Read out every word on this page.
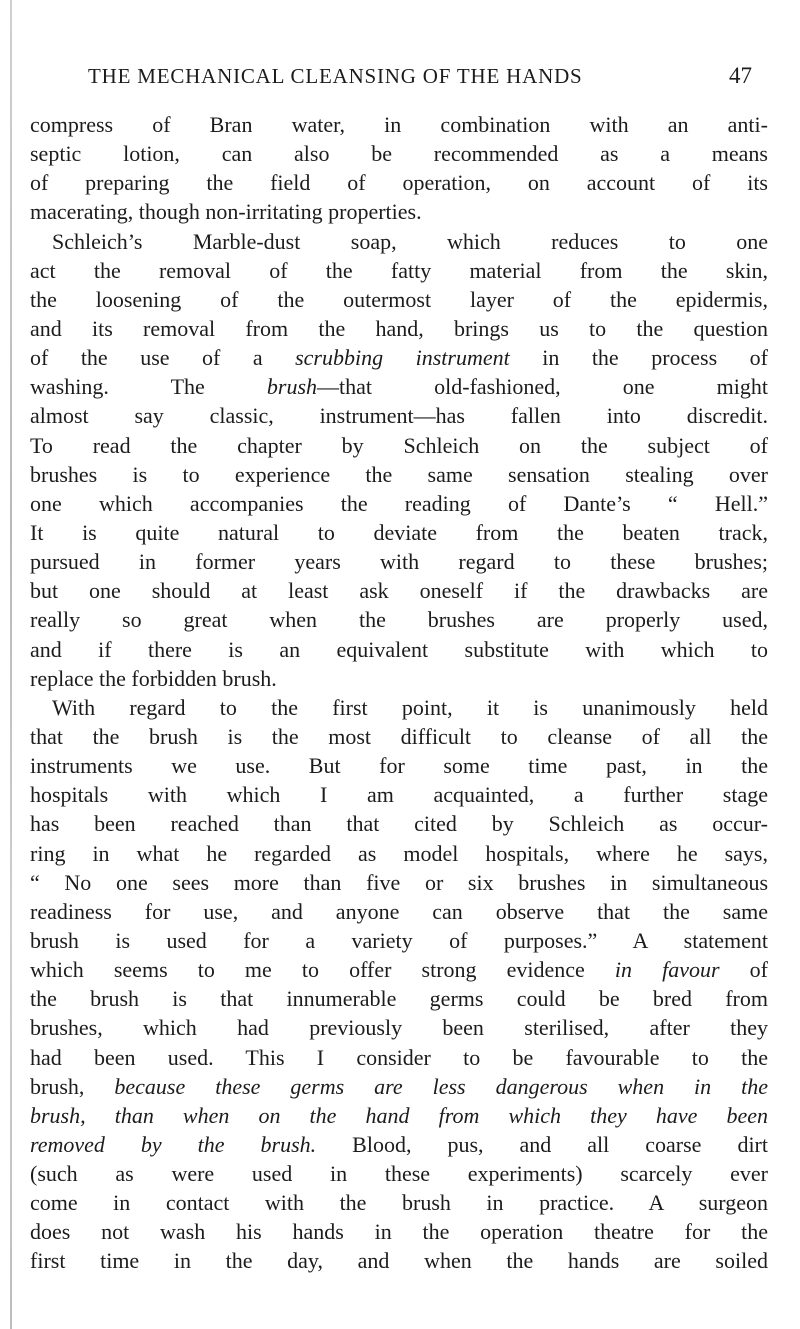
THE MECHANICAL CLEANSING OF THE HANDS	47
compress of Bran water, in combination with an anti-
septic lotion, can also be recommended as a means
of preparing the field of operation, on account of its
macerating, though non-irritating properties.
Schleich’s Marble-dust soap, which reduces to one
act the removal of the fatty material from the skin,
the loosening of the outermost layer of the epidermis,
and its removal from the hand, brings us to the question
of the use of a scrubbing instrument in the process of
washing. The brush—that old-fashioned, one might
almost say classic, instrument—has fallen into discredit.
To read the chapter by Schleich on the subject of
brushes is to experience the same sensation stealing over
one which accompanies the reading of Dante’s “ Hell.”
It is quite natural to deviate from the beaten track,
pursued in former years with regard to these brushes;
but one should at least ask oneself if the drawbacks are
really so great when the brushes are properly used,
and if there is an equivalent substitute with which to
replace the forbidden brush.
With regard to the first point, it is unanimously held
that the brush is the most difficult to cleanse of all the
instruments we use. But for some time past, in the
hospitals with which I am acquainted, a further stage
has been reached than that cited by Schleich as occur-
ring in what he regarded as model hospitals, where he says,
“ No one sees more than five or six brushes in simultaneous
readiness for use, and anyone can observe that the same
brush is used for a variety of purposes.” A statement
which seems to me to offer strong evidence in favour of
the brush is that innumerable germs could be bred from
brushes, which had previously been sterilised, after they
had been used. This I consider to be favourable to the
brush, because these germs are less dangerous when in the
brush, than when on the hand from which they have been
removed by the brush. Blood, pus, and all coarse dirt
(such as were used in these experiments) scarcely ever
come in contact with the brush in practice. A surgeon
does not wash his hands in the operation theatre for the
first time in the day, and when the hands are soiled
